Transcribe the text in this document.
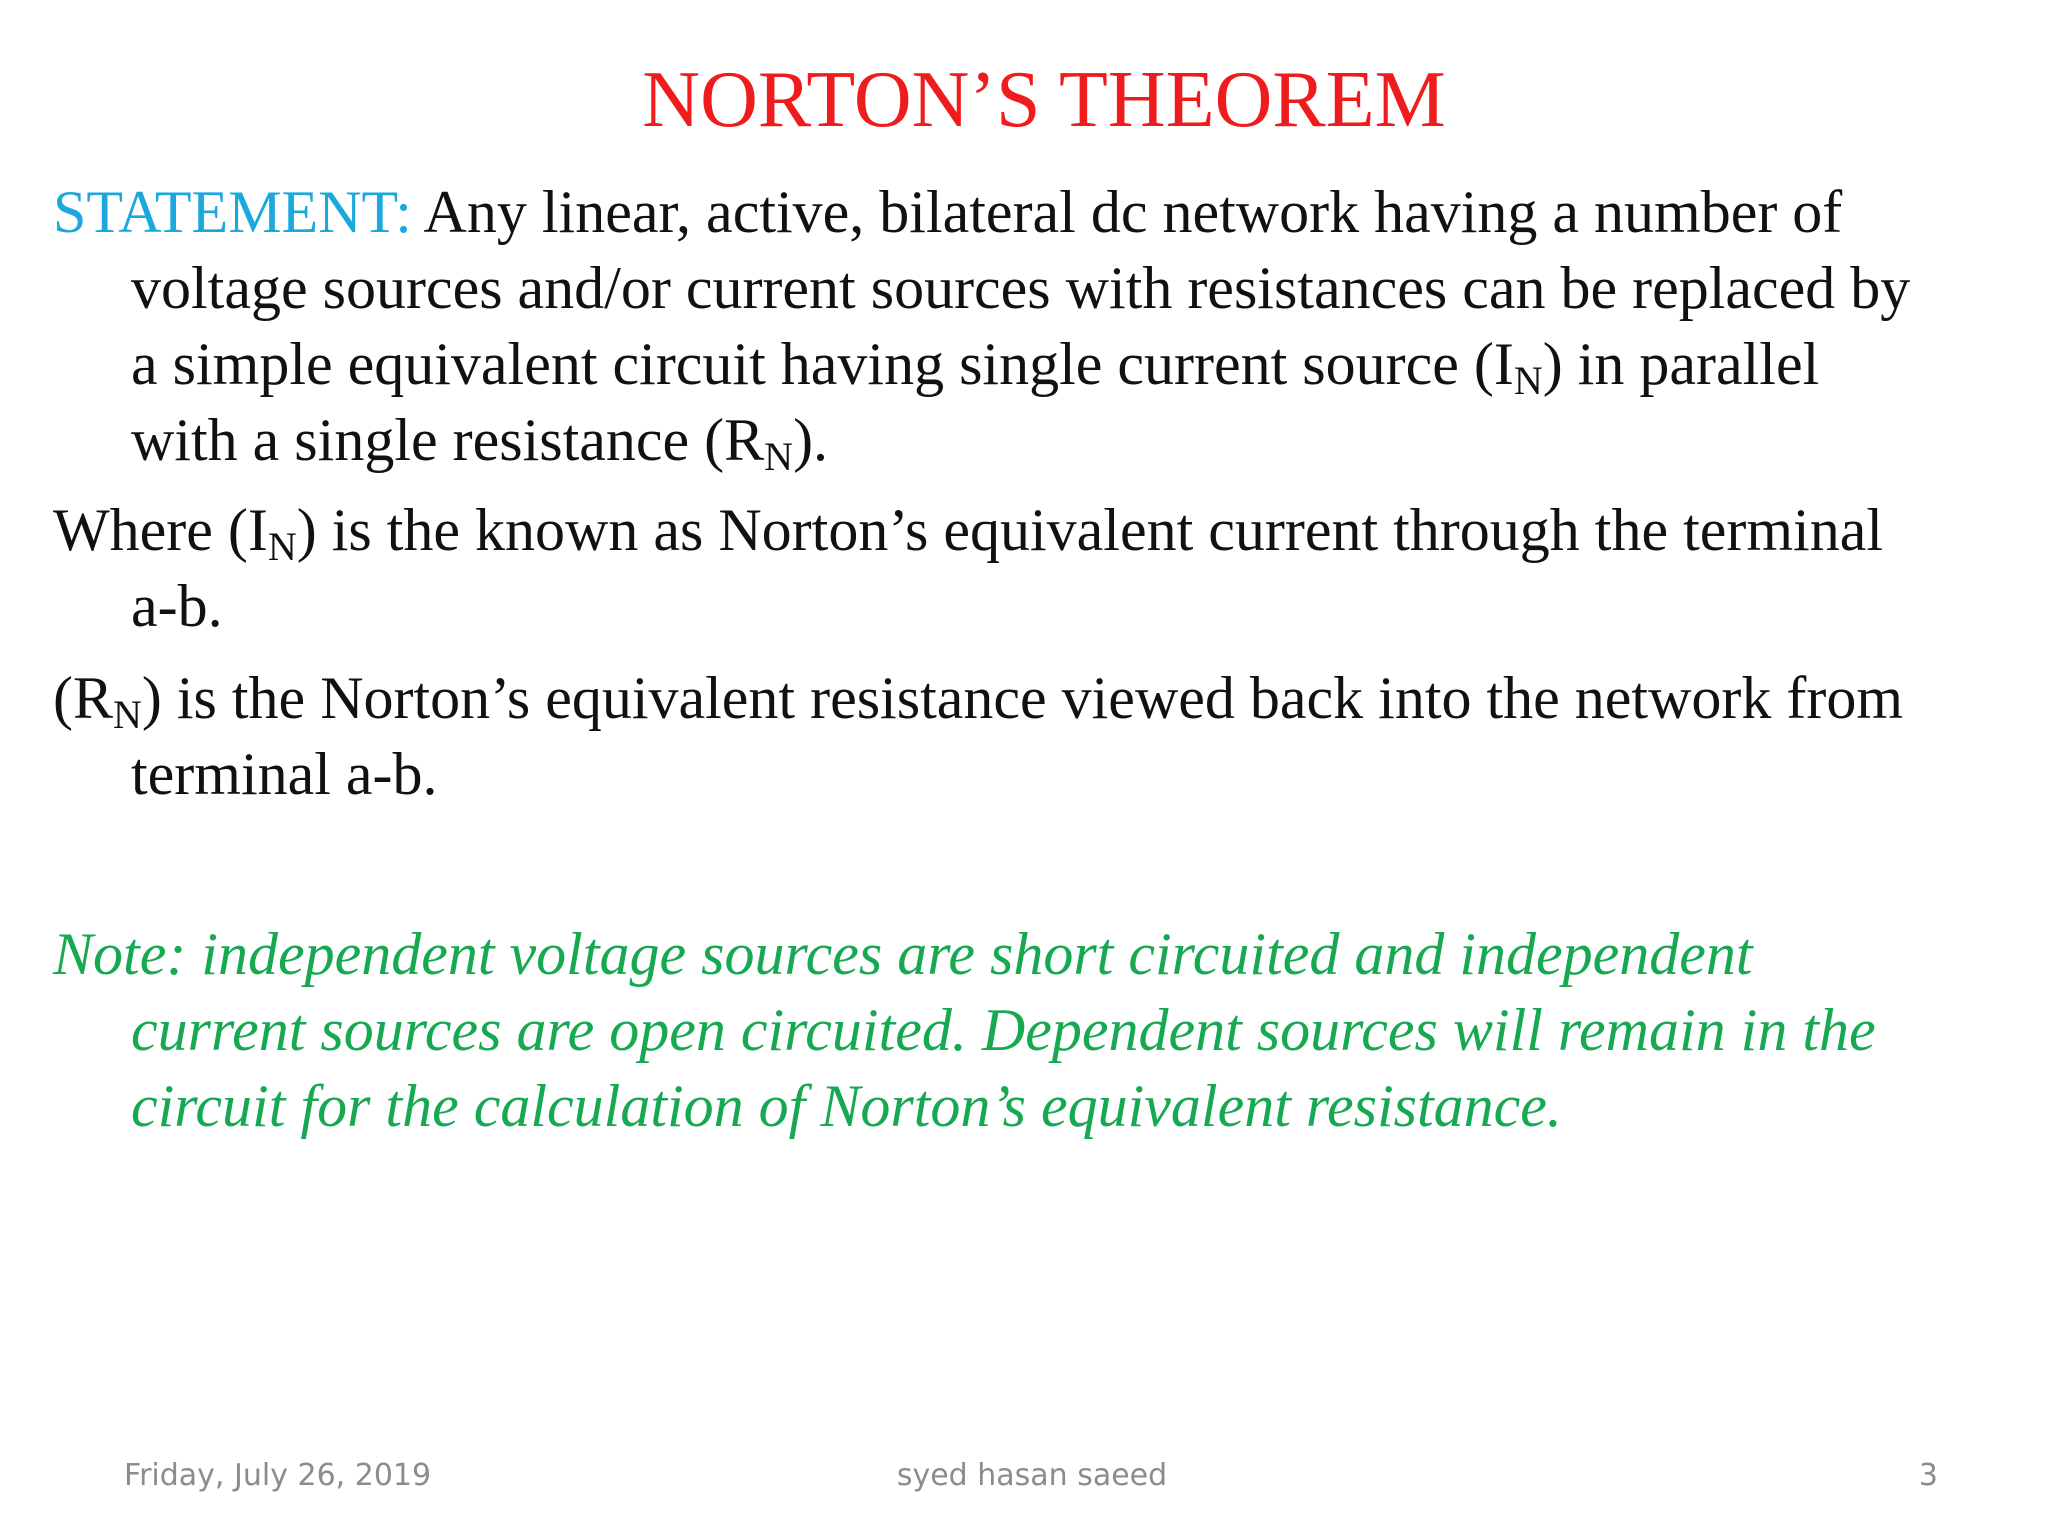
NORTON’S THEOREM
STATEMENT: Any linear, active, bilateral dc network having a number of
voltage sources and/or current sources with resistances can be replaced by
a simple equivalent circuit having single current source $(I_N)$ in parallel
with a single resistance $(R_N)$.
Where $(I_N)$ is the known as Norton’s equivalent current through the terminal
a-b.
$(R_N)$ is the Norton’s equivalent resistance viewed back into the network from
terminal a-b.
Note: independent voltage sources are short circuited and independent
current sources are open circuited. Dependent sources will remain in the
circuit for the calculation of Norton’s equivalent resistance.
Friday, July 26, 2019	syed hasan saeed	3
